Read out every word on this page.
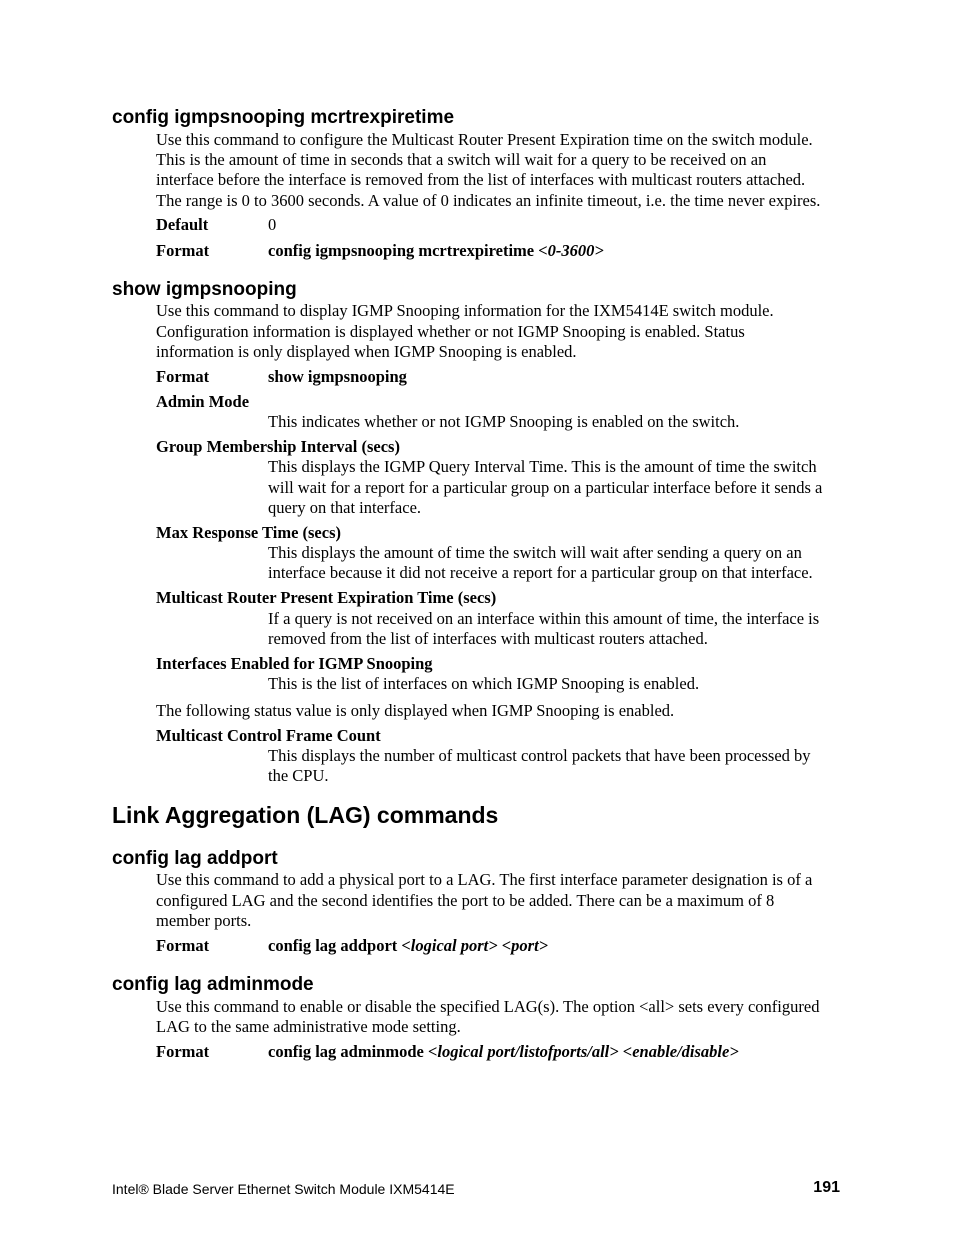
config igmpsnooping mcrtrexpiretime
Use this command to configure the Multicast Router Present Expiration time on the switch module.
This is the amount of time in seconds that a switch will wait for a query to be received on an
interface before the interface is removed from the list of interfaces with multicast routers attached.
The range is 0 to 3600 seconds. A value of 0 indicates an infinite timeout, i.e. the time never expires.
Default	0
Format	config igmpsnooping mcrtrexpiretime <0-3600>
show igmpsnooping
Use this command to display IGMP Snooping information for the IXM5414E switch module.
Configuration information is displayed whether or not IGMP Snooping is enabled. Status
information is only displayed when IGMP Snooping is enabled.
Format	show igmpsnooping
Admin Mode
This indicates whether or not IGMP Snooping is enabled on the switch.
Group Membership Interval (secs)
This displays the IGMP Query Interval Time. This is the amount of time the switch
will wait for a report for a particular group on a particular interface before it sends a
query on that interface.
Max Response Time (secs)
This displays the amount of time the switch will wait after sending a query on an
interface because it did not receive a report for a particular group on that interface.
Multicast Router Present Expiration Time (secs)
If a query is not received on an interface within this amount of time, the interface is
removed from the list of interfaces with multicast routers attached.
Interfaces Enabled for IGMP Snooping
This is the list of interfaces on which IGMP Snooping is enabled.
The following status value is only displayed when IGMP Snooping is enabled.
Multicast Control Frame Count
This displays the number of multicast control packets that have been processed by
the CPU.
Link Aggregation (LAG) commands
config lag addport
Use this command to add a physical port to a LAG. The first interface parameter designation is of a
configured LAG and the second identifies the port to be added. There can be a maximum of 8
member ports.
Format	config lag addport <logical port> <port>
config lag adminmode
Use this command to enable or disable the specified LAG(s). The option <all> sets every configured
LAG to the same administrative mode setting.
Format	config lag adminmode <logical port/listofports/all> <enable/disable>
Intel® Blade Server Ethernet Switch Module IXM5414E	191
